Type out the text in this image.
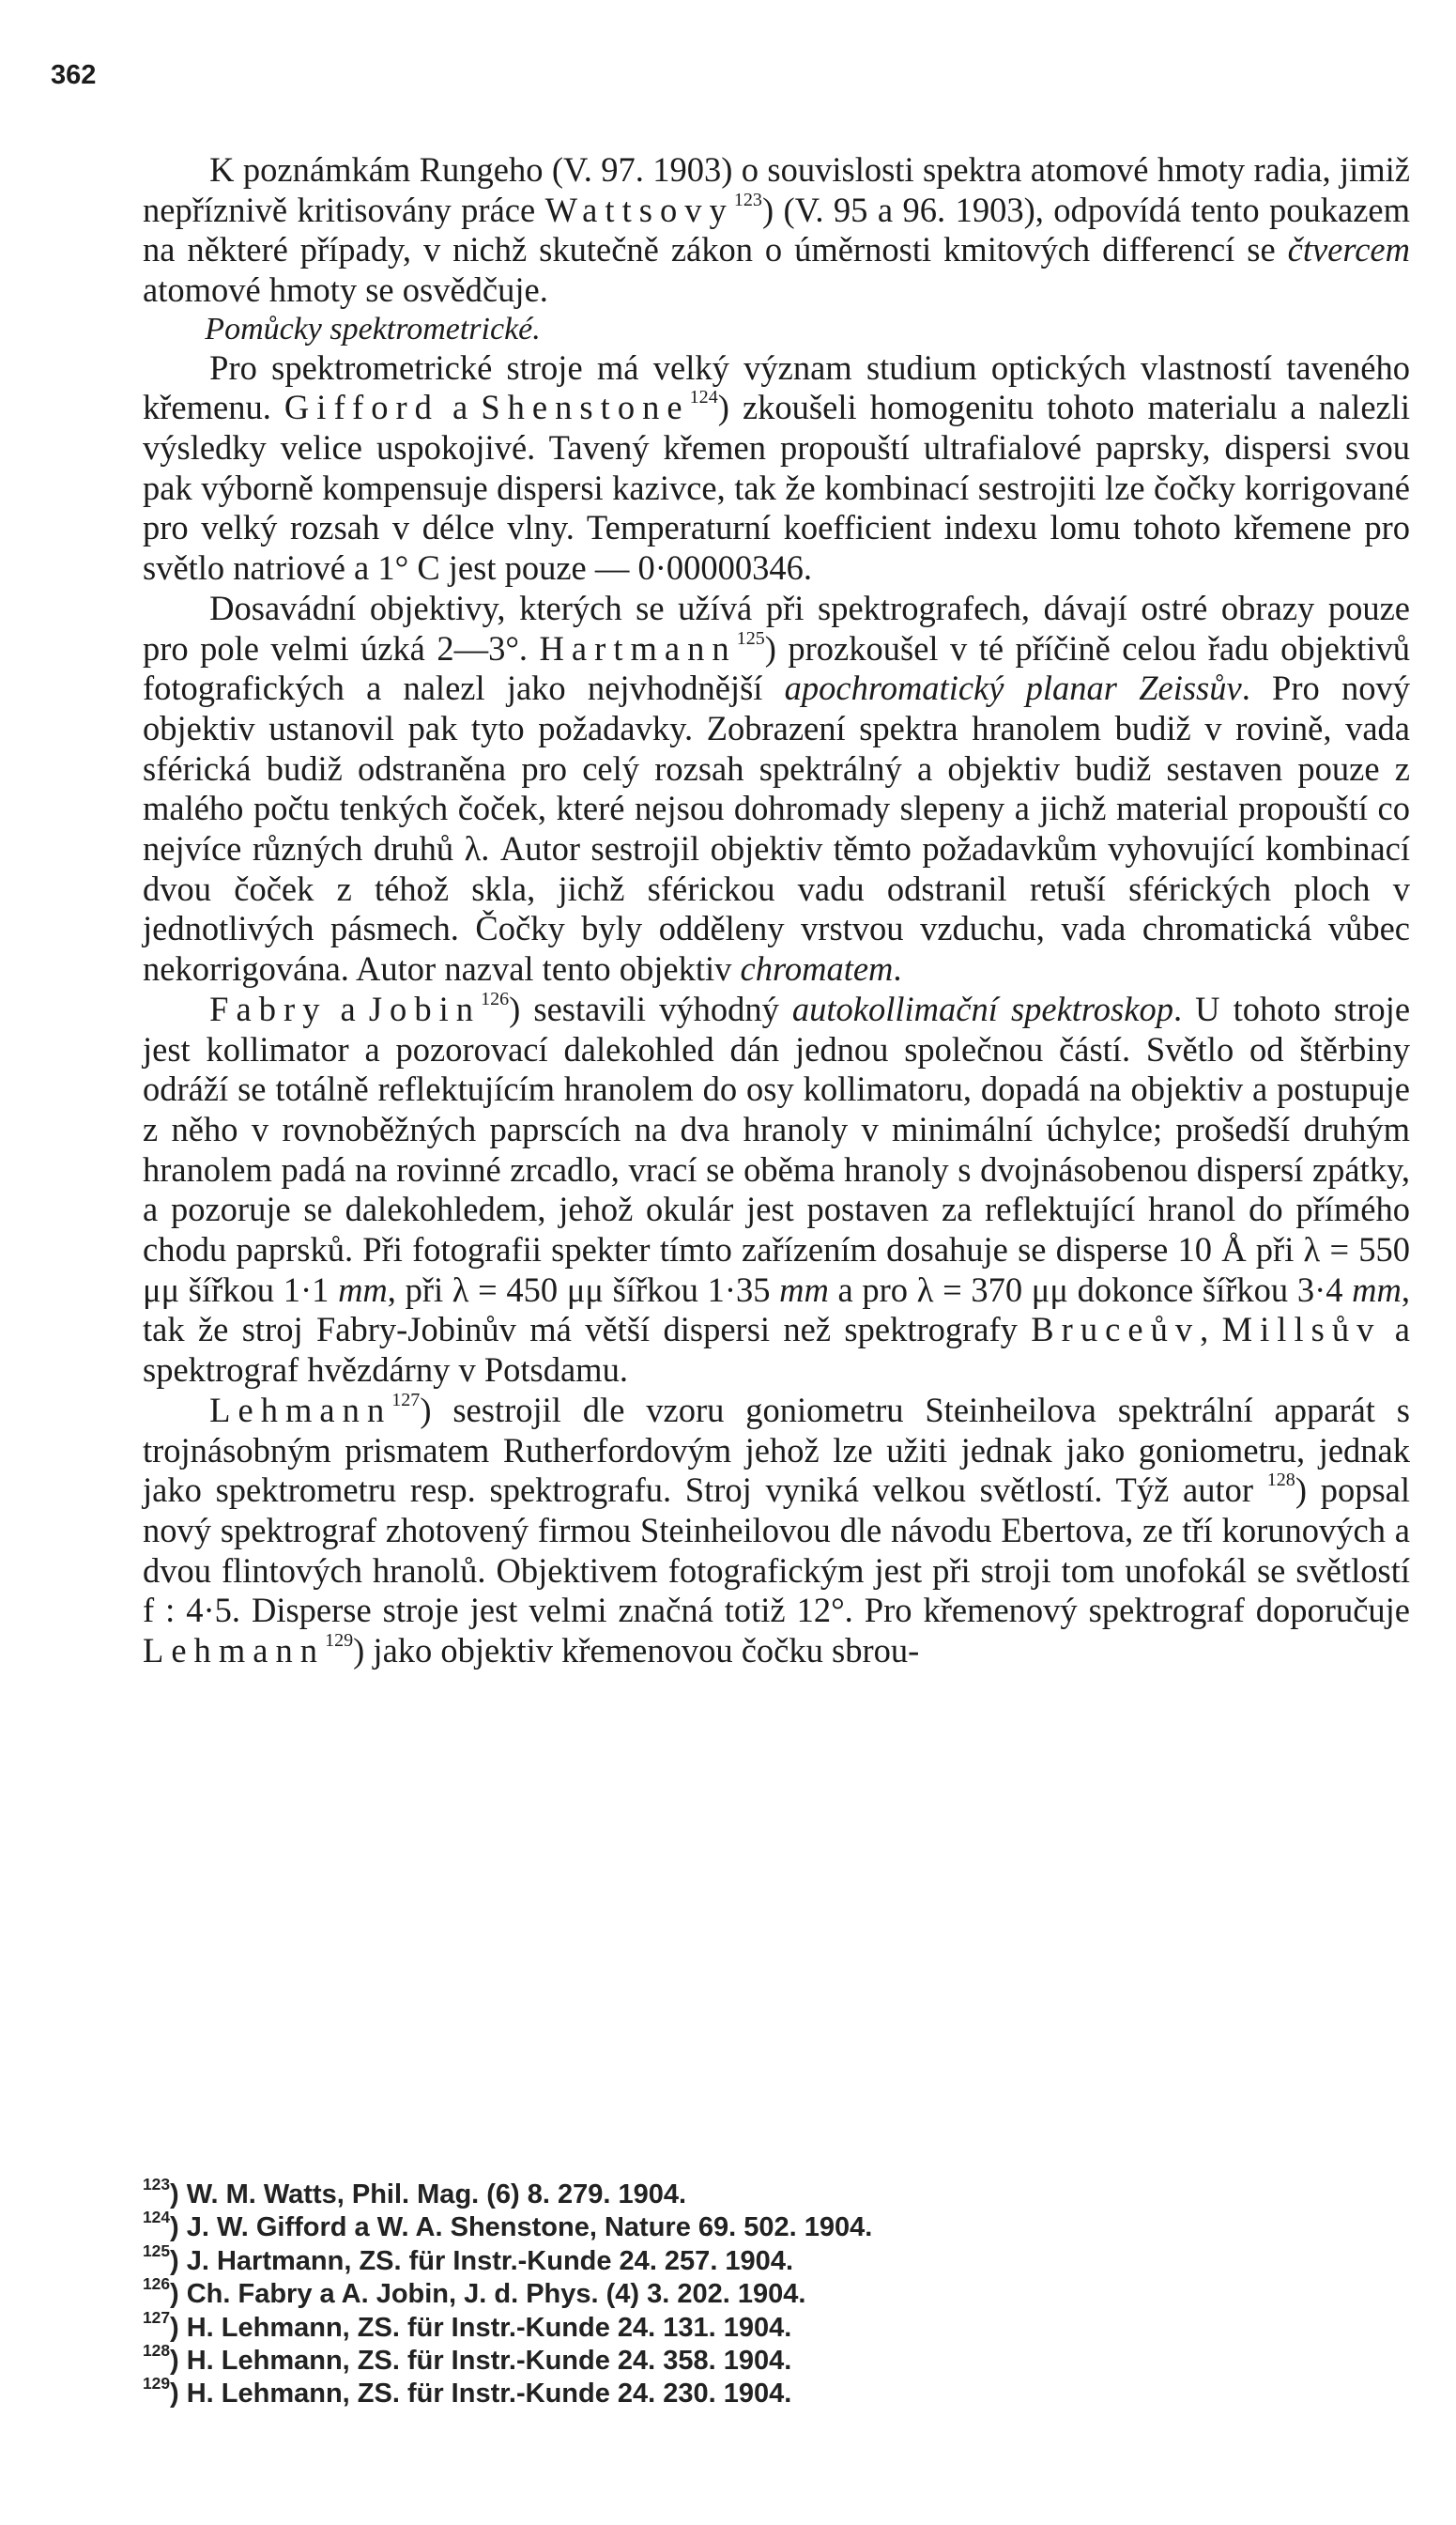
362

K poznámkám Rungeho (V. 97. 1903) o souvislosti spektra atomové hmoty radia, jimiž nepříznivě kritisovány práce Wattsovy$^{123}$) (V. 95 a 96. 1903), odpovídá tento poukazem na některé případy, v nichž skutečně zákon o úměrnosti kmitových differencí se čtvercem atomové hmoty se osvědčuje.

Pomůcky spektrometrické.

Pro spektrometrické stroje má velký význam studium optických vlastností taveného křemenu. Gifford a Shenstone$^{124}$) zkoušeli homogenitu tohoto materialu a nalezli výsledky velice uspokojivé. Tavený křemen propouští ultrafialové paprsky, dispersi svou pak výborně kompensuje dispersi kazivce, tak že kombinací sestrojiti lze čočky korrigované pro velký rozsah v délce vlny. Temperaturní koefficient indexu lomu tohoto křemene pro světlo natriové a 1° C jest pouze — 0·00000346.

Dosavádní objektivy, kterých se užívá při spektrografech, dávají ostré obrazy pouze pro pole velmi úzká 2—3°. Hartmann$^{125}$) prozkoušel v té příčině celou řadu objektivů fotografických a nalezl jako nejvhodnější apochromatický planar Zeissův. Pro nový objektiv ustanovil pak tyto požadavky. Zobrazení spektra hranolem budiž v rovině, vada sférická budiž odstraněna pro celý rozsah spektrálný a objektiv budiž sestaven pouze z malého počtu tenkých čoček, které nejsou dohromady slepeny a jichž material propouští co nejvíce různých druhů λ. Autor sestrojil objektiv těmto požadavkům vyhovující kombinací dvou čoček z téhož skla, jichž sférickou vadu odstranil retuší sférických ploch v jednotlivých pásmech. Čočky byly odděleny vrstvou vzduchu, vada chromatická vůbec nekorrigována. Autor nazval tento objektiv chromatem.

Fabry a Jobin$^{126}$) sestavili výhodný autokollimační spektroskop. U tohoto stroje jest kollimator a pozorovací dalekohled dán jednou společnou částí. Světlo od štěrbiny odráží se totálně reflektujícím hranolem do osy kollimatoru, dopadá na objektiv a postupuje z něho v rovnoběžných paprscích na dva hranoly v minimální úchylce; prošedší druhým hranolem padá na rovinné zrcadlo, vrací se oběma hranoly s dvojnásobenou dispersí zpátky, a pozoruje se dalekohledem, jehož okulár jest postaven za reflektující hranol do přímého chodu paprsků. Při fotografii spekter tímto zařízením dosahuje se disperse 10 Å při λ = 550 μμ šířkou 1·1 mm, při λ = 450 μμ šířkou 1·35 mm a pro λ = 370 μμ dokonce šířkou 3·4 mm, tak že stroj Fabry-Jobinův má větší dispersi než spektrografy Bruceův, Millsův a spektrograf hvězdárny v Potsdamu.

Lehmann$^{127}$) sestrojil dle vzoru goniometru Steinheilova spektrální apparát s trojnásobným prismatem Rutherfordovým jehož lze užiti jednak jako goniometru, jednak jako spektrometru resp. spektrografu. Stroj vyniká velkou světlostí. Týž autor $^{128}$) popsal nový spektrograf zhotovený firmou Steinheilovou dle návodu Ebertova, ze tří korunových a dvou flintových hranolů. Objektivem fotografickým jest při stroji tom unofokál se světlostí f : 4·5. Disperse stroje jest velmi značná totiž 12°. Pro křemenový spektrograf doporučuje Lehmann$^{129}$) jako objektiv křemenovou čočku sbrou-

$^{123}$) W. M. Watts, Phil. Mag. (6) 8. 279. 1904.
$^{124}$) J. W. Gifford a W. A. Shenstone, Nature 69. 502. 1904.
$^{125}$) J. Hartmann, ZS. für Instr.-Kunde 24. 257. 1904.
$^{126}$) Ch. Fabry a A. Jobin, J. d. Phys. (4) 3. 202. 1904.
$^{127}$) H. Lehmann, ZS. für Instr.-Kunde 24. 131. 1904.
$^{128}$) H. Lehmann, ZS. für Instr.-Kunde 24. 358. 1904.
$^{129}$) H. Lehmann, ZS. für Instr.-Kunde 24. 230. 1904.
